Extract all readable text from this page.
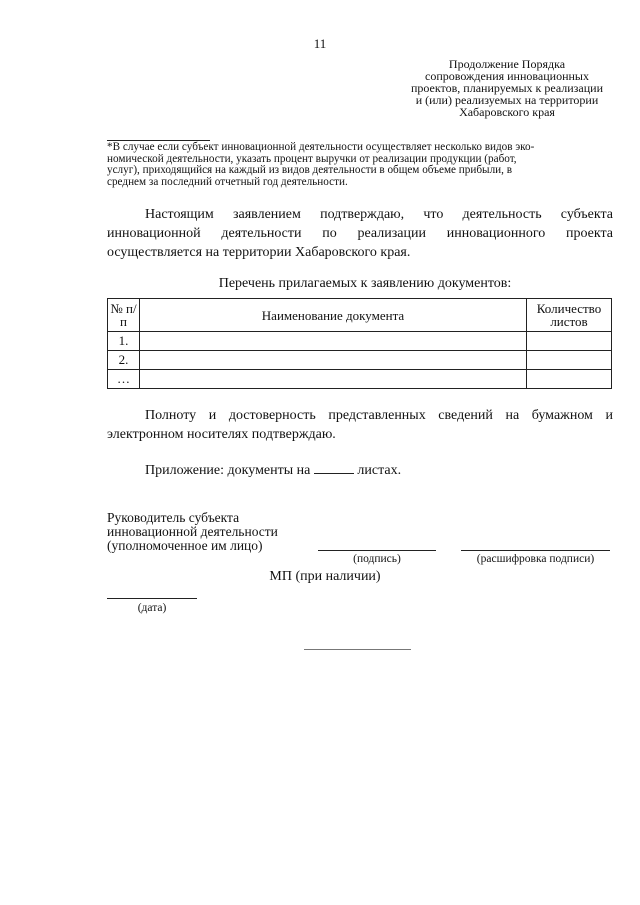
11
Продолжение Порядка
сопровождения инновационных
проектов, планируемых к реализации
и (или) реализуемых на территории
Хабаровского края
*В случае если субъект инновационной деятельности осуществляет несколько видов эко-
номической деятельности, указать процент выручки от реализации продукции (работ,
услуг), приходящийся на каждый из видов деятельности в общем объеме прибыли, в
среднем за последний отчетный год деятельности.
Настоящим заявлением подтверждаю, что деятельность субъекта инновационной деятельности по реализации инновационного проекта осуществляется на территории Хабаровского края.
Перечень прилагаемых к заявлению документов:
№ п/п	Наименование документа	Количество листов
1.		
2.		
…		
Полноту и достоверность представленных сведений на бумажном и электронном носителях подтверждаю.
Приложение: документы на	листах.
Руководитель субъекта инновационной деятельности (уполномоченное им лицо)
(подпись)	(расшифровка подписи)
МП (при наличии)
(дата)
